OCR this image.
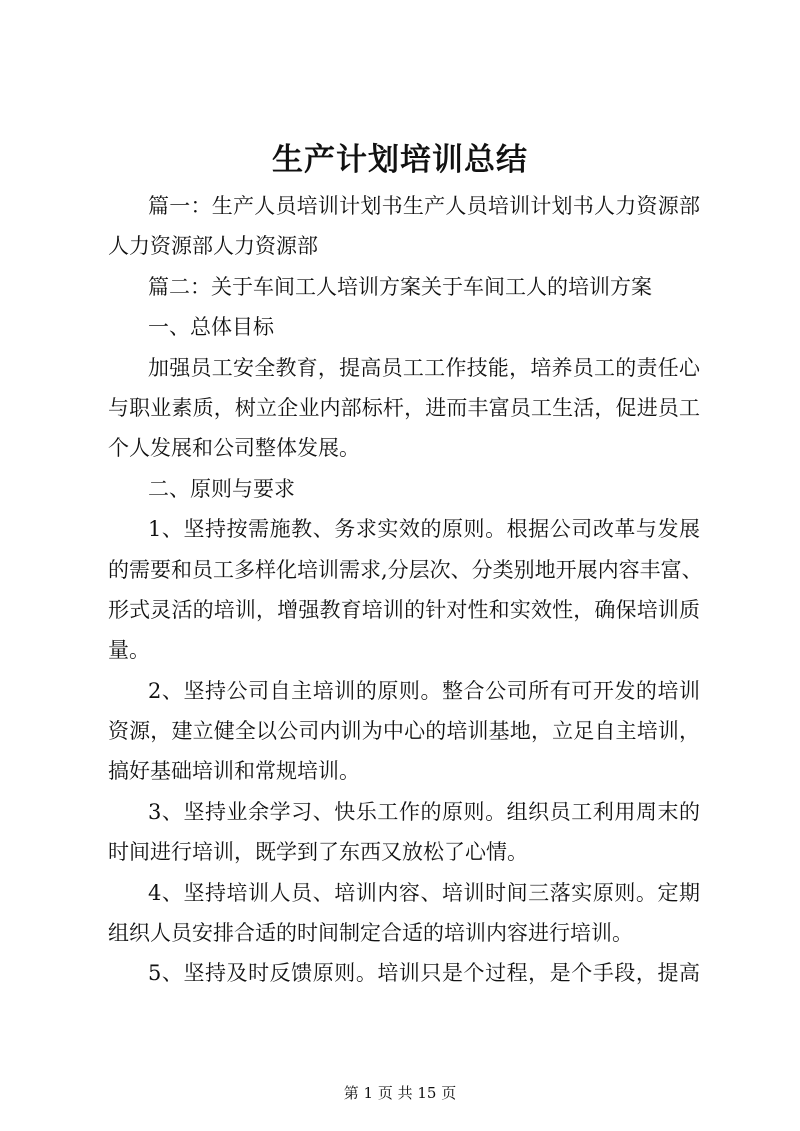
生产计划培训总结
篇一：生产人员培训计划书生产人员培训计划书人力资源部
人力资源部人力资源部
篇二：关于车间工人培训方案关于车间工人的培训方案
一、总体目标
加强员工安全教育，提高员工工作技能，培养员工的责任心
与职业素质，树立企业内部标杆，进而丰富员工生活，促进员工
个人发展和公司整体发展。
二、原则与要求
1、坚持按需施教、务求实效的原则。根据公司改革与发展
的需要和员工多样化培训需求,分层次、分类别地开展内容丰富、
形式灵活的培训，增强教育培训的针对性和实效性，确保培训质
量。
2、坚持公司自主培训的原则。整合公司所有可开发的培训
资源，建立健全以公司内训为中心的培训基地，立足自主培训，
搞好基础培训和常规培训。
3、坚持业余学习、快乐工作的原则。组织员工利用周末的
时间进行培训，既学到了东西又放松了心情。
4、坚持培训人员、培训内容、培训时间三落实原则。定期
组织人员安排合适的时间制定合适的培训内容进行培训。
5、坚持及时反馈原则。培训只是个过程，是个手段，提高
第 1 页 共 15 页
